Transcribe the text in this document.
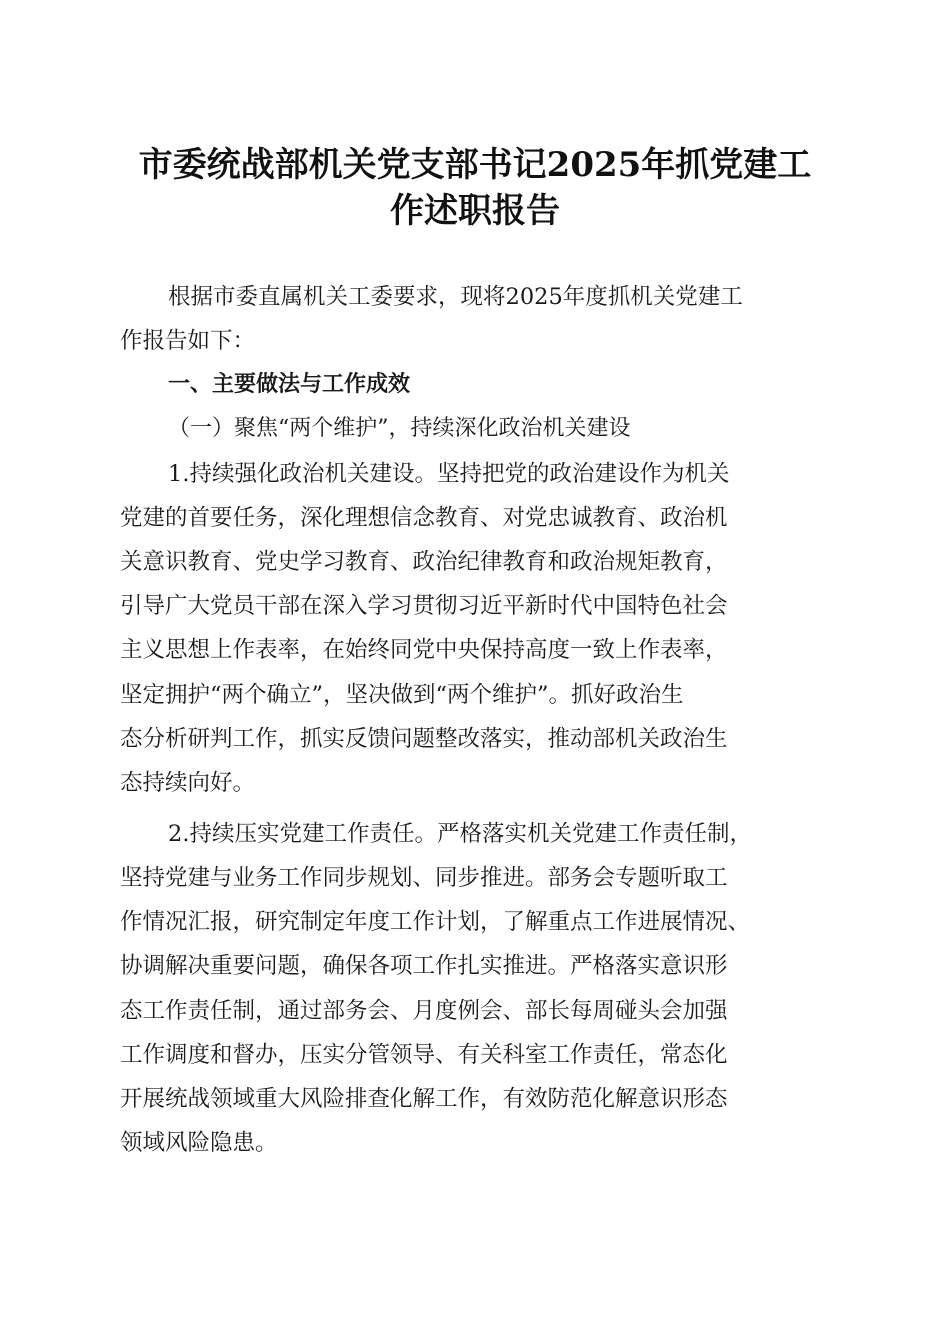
市委统战部机关党支部书记2025年抓党建工
作述职报告

根据市委直属机关工委要求，现将2025年度抓机关党建工

作报告如下：

一、主要做法与工作成效

（一）聚焦“两个维护”，持续深化政治机关建设

1.持续强化政治机关建设。坚持把党的政治建设作为机关

党建的首要任务，深化理想信念教育、对党忠诚教育、政治机

关意识教育、党史学习教育、政治纪律教育和政治规矩教育，

引导广大党员干部在深入学习贯彻习近平新时代中国特色社会

主义思想上作表率，在始终同党中央保持高度一致上作表率，

坚定拥护“两个确立”，坚决做到“两个维护”。抓好政治生

态分析研判工作，抓实反馈问题整改落实，推动部机关政治生

态持续向好。

2.持续压实党建工作责任。严格落实机关党建工作责任制，

坚持党建与业务工作同步规划、同步推进。部务会专题听取工

作情况汇报，研究制定年度工作计划，了解重点工作进展情况、

协调解决重要问题，确保各项工作扎实推进。严格落实意识形

态工作责任制，通过部务会、月度例会、部长每周碰头会加强

工作调度和督办，压实分管领导、有关科室工作责任，常态化

开展统战领域重大风险排查化解工作，有效防范化解意识形态

领域风险隐患。
